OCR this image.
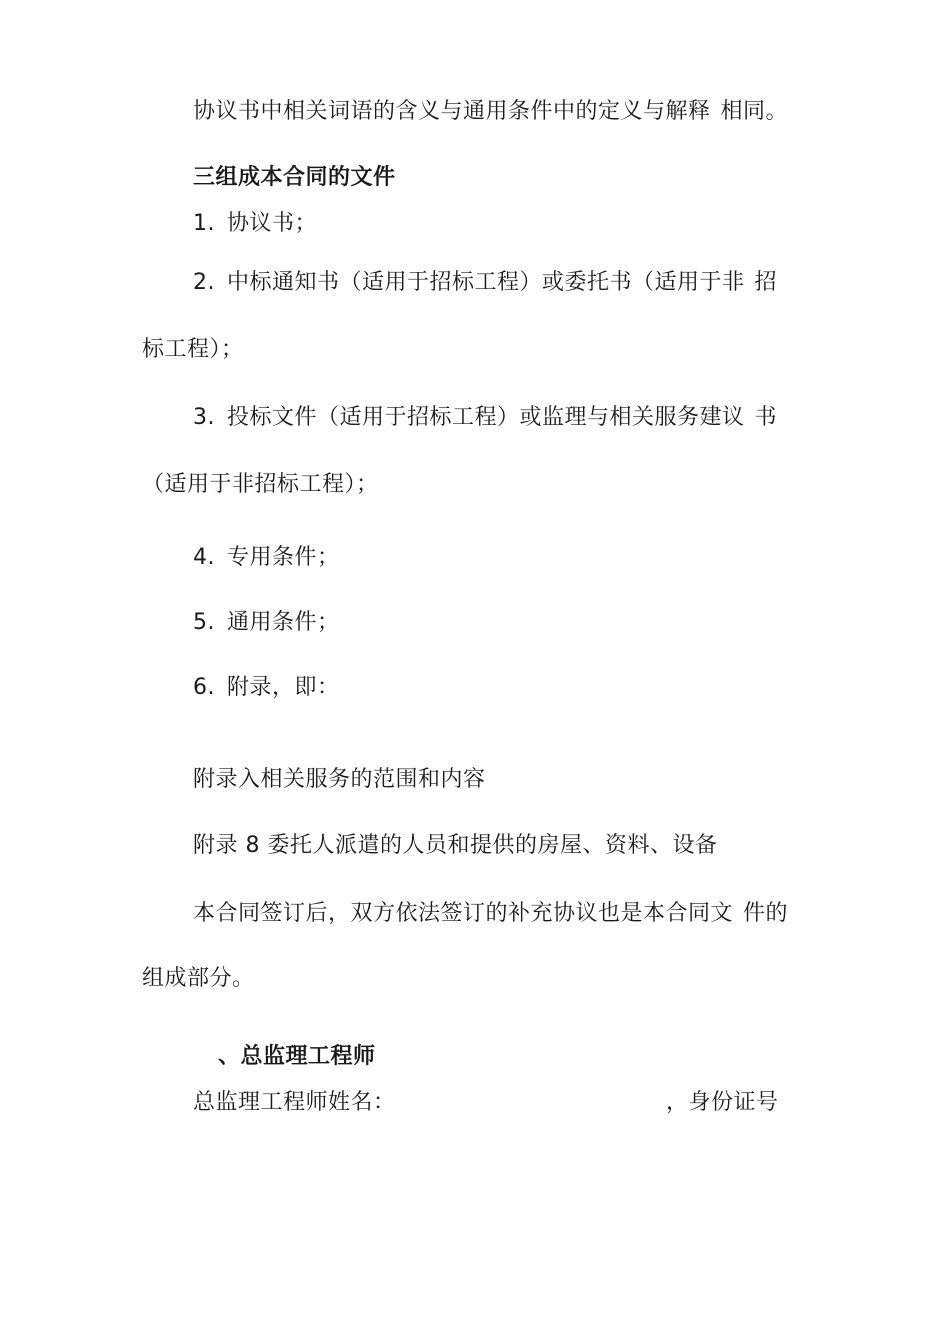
协议书中相关词语的含义与通用条件中的定义与解释 相同。
三组成本合同的文件
1. 协议书；
2. 中标通知书（适用于招标工程）或委托书（适用于非 招
标工程）；
3. 投标文件（适用于招标工程）或监理与相关服务建议 书
（适用于非招标工程）；
4. 专用条件；
5. 通用条件；
6. 附录，即：
附录入相关服务的范围和内容
附录 8 委托人派遣的人员和提供的房屋、资料、设备
本合同签订后，双方依法签订的补充协议也是本合同文 件的
组成部分。
、总监理工程师
总监理工程师姓名：	，身份证号
